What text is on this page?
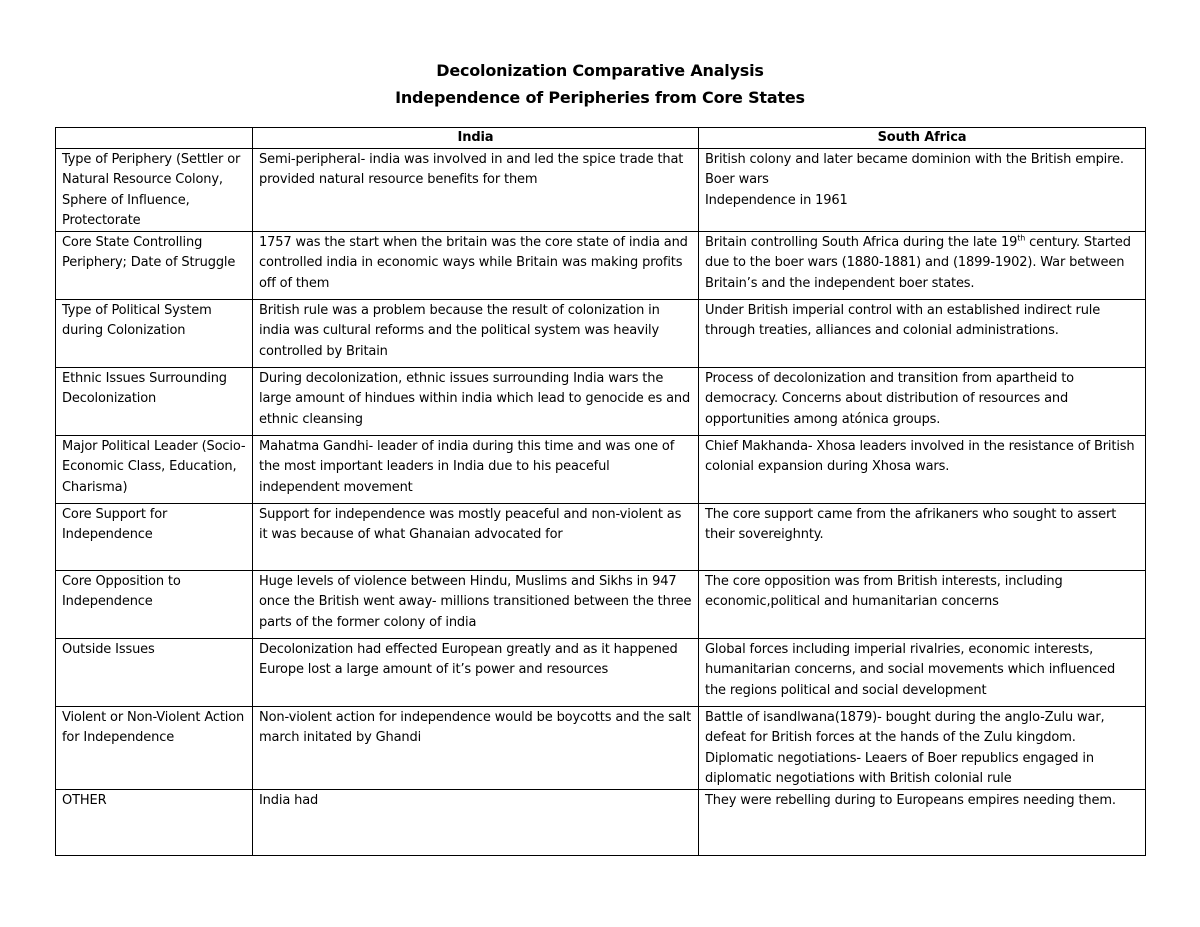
Decolonization Comparative Analysis
Independence of Peripheries from Core States
	India	South Africa
Type of Periphery (Settler or Natural Resource Colony, Sphere of Influence, Protectorate	Semi-peripheral- india was involved in and led the spice trade that provided natural resource benefits for them	British colony and later became dominion with the British empire.
Boer wars
Independence in 1961

Core State Controlling Periphery; Date of Struggle	1757 was the start when the britain was the core state of india and controlled india in economic ways while Britain was making profits off of them	Britain controlling South Africa during the late 19th century. Started due to the boer wars (1880-1881) and (1899-1902). War between Britain’s and the independent boer states.
Type of Political System during Colonization	British rule was a problem because the result of colonization in india was cultural reforms and the political system was heavily controlled by Britain	Under British imperial control with an established indirect rule through treaties, alliances and colonial administrations.
Ethnic Issues Surrounding Decolonization	During decolonization, ethnic issues surrounding India wars the large amount of hindues within india which lead to genocide es and ethnic cleansing	Process of decolonization and transition from apartheid to democracy. Concerns about distribution of resources and opportunities among atónica groups.
Major Political Leader (Socio-Economic Class, Education, Charisma)	Mahatma Gandhi- leader of india during this time and was one of the most important leaders in India due to his peaceful independent movement	Chief Makhanda- Xhosa leaders involved in the resistance of British colonial expansion during Xhosa wars.
Core Support for Independence	Support for independence was mostly peaceful and non-violent as it was because of what Ghanaian advocated for	The core support came from the afrikaners who sought to assert their sovereighnty.
Core Opposition to Independence	Huge levels of violence between Hindu, Muslims and Sikhs in 947 once the British went away- millions transitioned between the three parts of the former colony of india	The core opposition was from British interests, including economic,political and humanitarian concerns
Outside Issues	Decolonization had effected European greatly and as it happened Europe lost a large amount of it’s power and resources	Global forces including imperial rivalries, economic interests, humanitarian concerns, and social movements which influenced the regions political and social development
Violent or Non-Violent Action for Independence	Non-violent action for independence would be boycotts and the salt march initated by Ghandi	Battle of isandlwana(1879)- bought during the anglo-Zulu war, defeat for British forces at the hands of the Zulu kingdom.
Diplomatic negotiations- Leaers of Boer republics engaged in diplomatic negotiations with British colonial rule

OTHER	India had	They were rebelling during to Europeans empires needing them.
